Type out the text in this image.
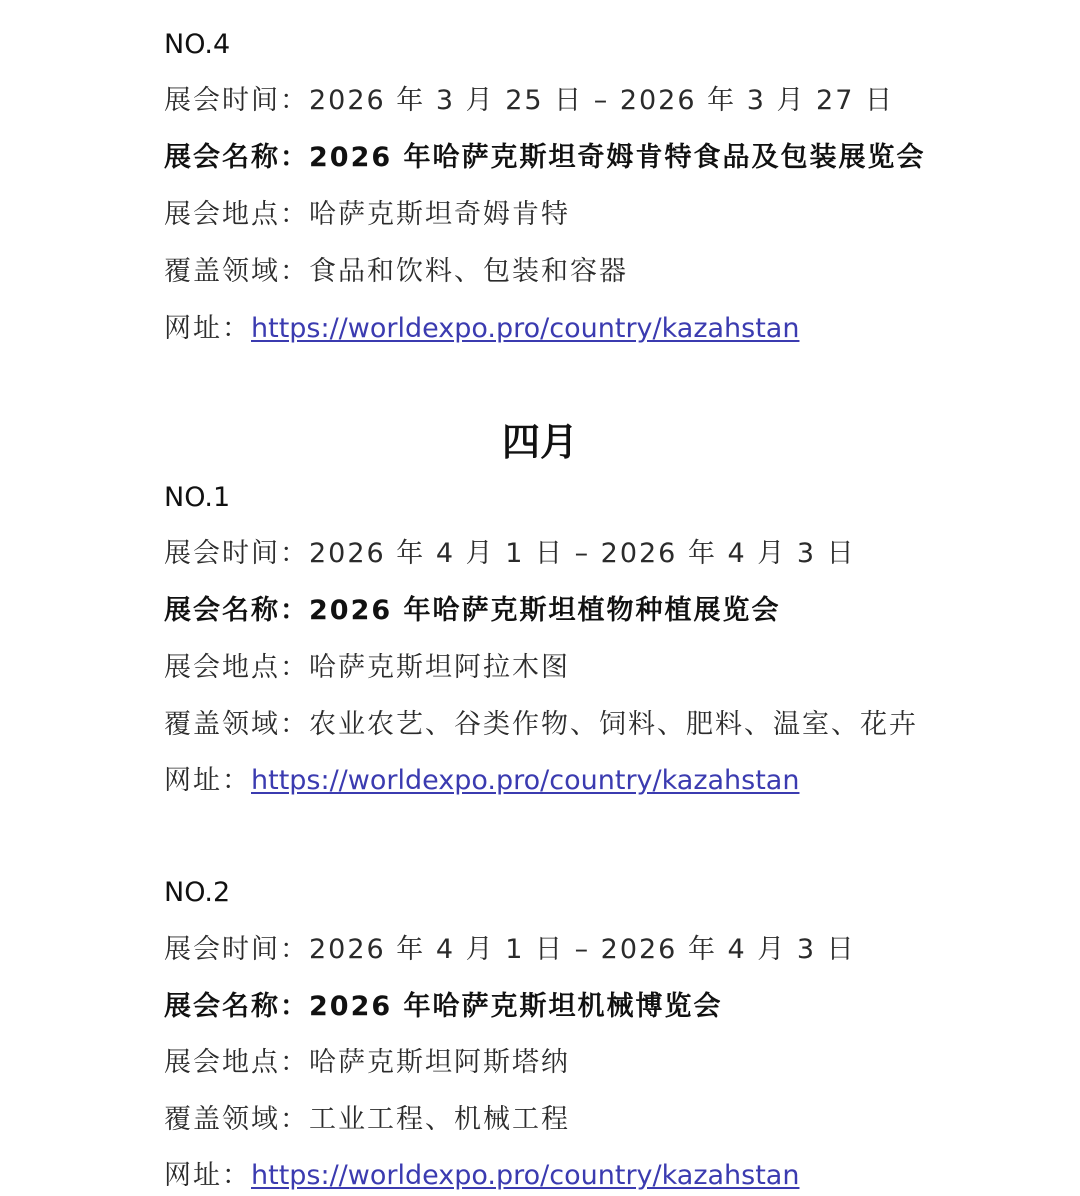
NO.4
展会时间：2026 年 3 月 25 日 – 2026 年 3 月 27 日
展会名称：2026 年哈萨克斯坦奇姆肯特食品及包装展览会
展会地点：哈萨克斯坦奇姆肯特
覆盖领域：食品和饮料、包装和容器
网址：https://worldexpo.pro/country/kazahstan
四月
NO.1
展会时间：2026 年 4 月 1 日 – 2026 年 4 月 3 日
展会名称：2026 年哈萨克斯坦植物种植展览会
展会地点：哈萨克斯坦阿拉木图
覆盖领域：农业农艺、谷类作物、饲料、肥料、温室、花卉
网址：https://worldexpo.pro/country/kazahstan
NO.2
展会时间：2026 年 4 月 1 日 – 2026 年 4 月 3 日
展会名称：2026 年哈萨克斯坦机械博览会
展会地点：哈萨克斯坦阿斯塔纳
覆盖领域：工业工程、机械工程
网址：https://worldexpo.pro/country/kazahstan
